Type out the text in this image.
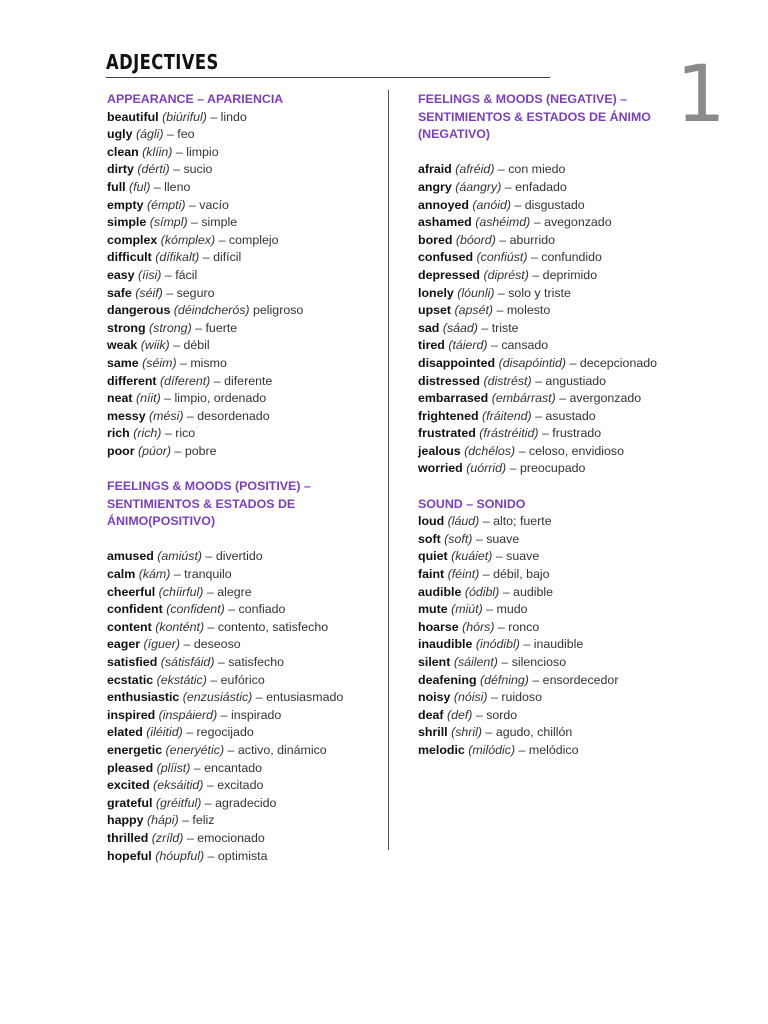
ADJECTIVES	1
APPEARANCE – APARIENCIA
beautiful (biúriful) – lindo
ugly (ágli) – feo
clean (klíin) – limpio
dirty (dérti) – sucio
full (ful) – lleno
empty (émpti) – vacío
simple (símpl) – simple
complex (kómplex) – complejo
difficult (dífikalt) – difícil
easy (íisi) – fácil
safe (séif) – seguro
dangerous (déindcherós) peligroso
strong (strong) – fuerte
weak (wiik) – débil
same (séim) – mismo
different (díferent) – diferente
neat (níit) – limpio, ordenado
messy (mési) – desordenado
rich (rich) – rico
poor (púor) – pobre
FEELINGS & MOODS (POSITIVE) –
SENTIMIENTOS & ESTADOS DE
ÁNIMO(POSITIVO)
amused (amiúst) – divertido
calm (kám) – tranquilo
cheerful (chíirful) – alegre
confident (confident) – confiado
content (kontént) – contento, satisfecho
eager (íguer) – deseoso
satisfied (sátisfáid) – satisfecho
ecstatic (ekstátic) – eufórico
enthusiastic (enzusiástic) – entusiasmado
inspired (inspáierd) – inspirado
elated (iléitid) – regocijado
energetic (eneryétic) – activo, dinámico
pleased (plíist) – encantado
excited (eksáitid) – excitado
grateful (gréitful) – agradecido
happy (hápi) – feliz
thrilled (zríld) – emocionado
hopeful (hóupful) – optimista
FEELINGS & MOODS (NEGATIVE) –
SENTIMIENTOS & ESTADOS DE ÁNIMO
(NEGATIVO)
afraid (afréid) – con miedo
angry (áangry) – enfadado
annoyed (anóid) – disgustado
ashamed (ashéimd) – avegonzado
bored (bóord) – aburrido
confused (confiúst) – confundido
depressed (diprést) – deprimido
lonely (lóunli) – solo y triste
upset (apsét) – molesto
sad (sáad) – triste
tired (táierd) – cansado
disappointed (disapóintid) – decepcionado
distressed (distrést) – angustiado
embarrased (embárrast) – avergonzado
frightened (fráitend) – asustado
frustrated (frástréitid) – frustrado
jealous (dchélos) – celoso, envidioso
worried (uórrid) – preocupado
SOUND – SONIDO
loud (láud) – alto; fuerte
soft (soft) – suave
quiet (kuáiet) – suave
faint (féint) – débil, bajo
audible (ódibl) – audible
mute (miút) – mudo
hoarse (hórs) – ronco
inaudible (inódibl) – inaudible
silent (sáilent) – silencioso
deafening (défning) – ensordecedor
noisy (nóisi) – ruidoso
deaf (def) – sordo
shrill (shril) – agudo, chillón
melodic (milódic) – melódico
